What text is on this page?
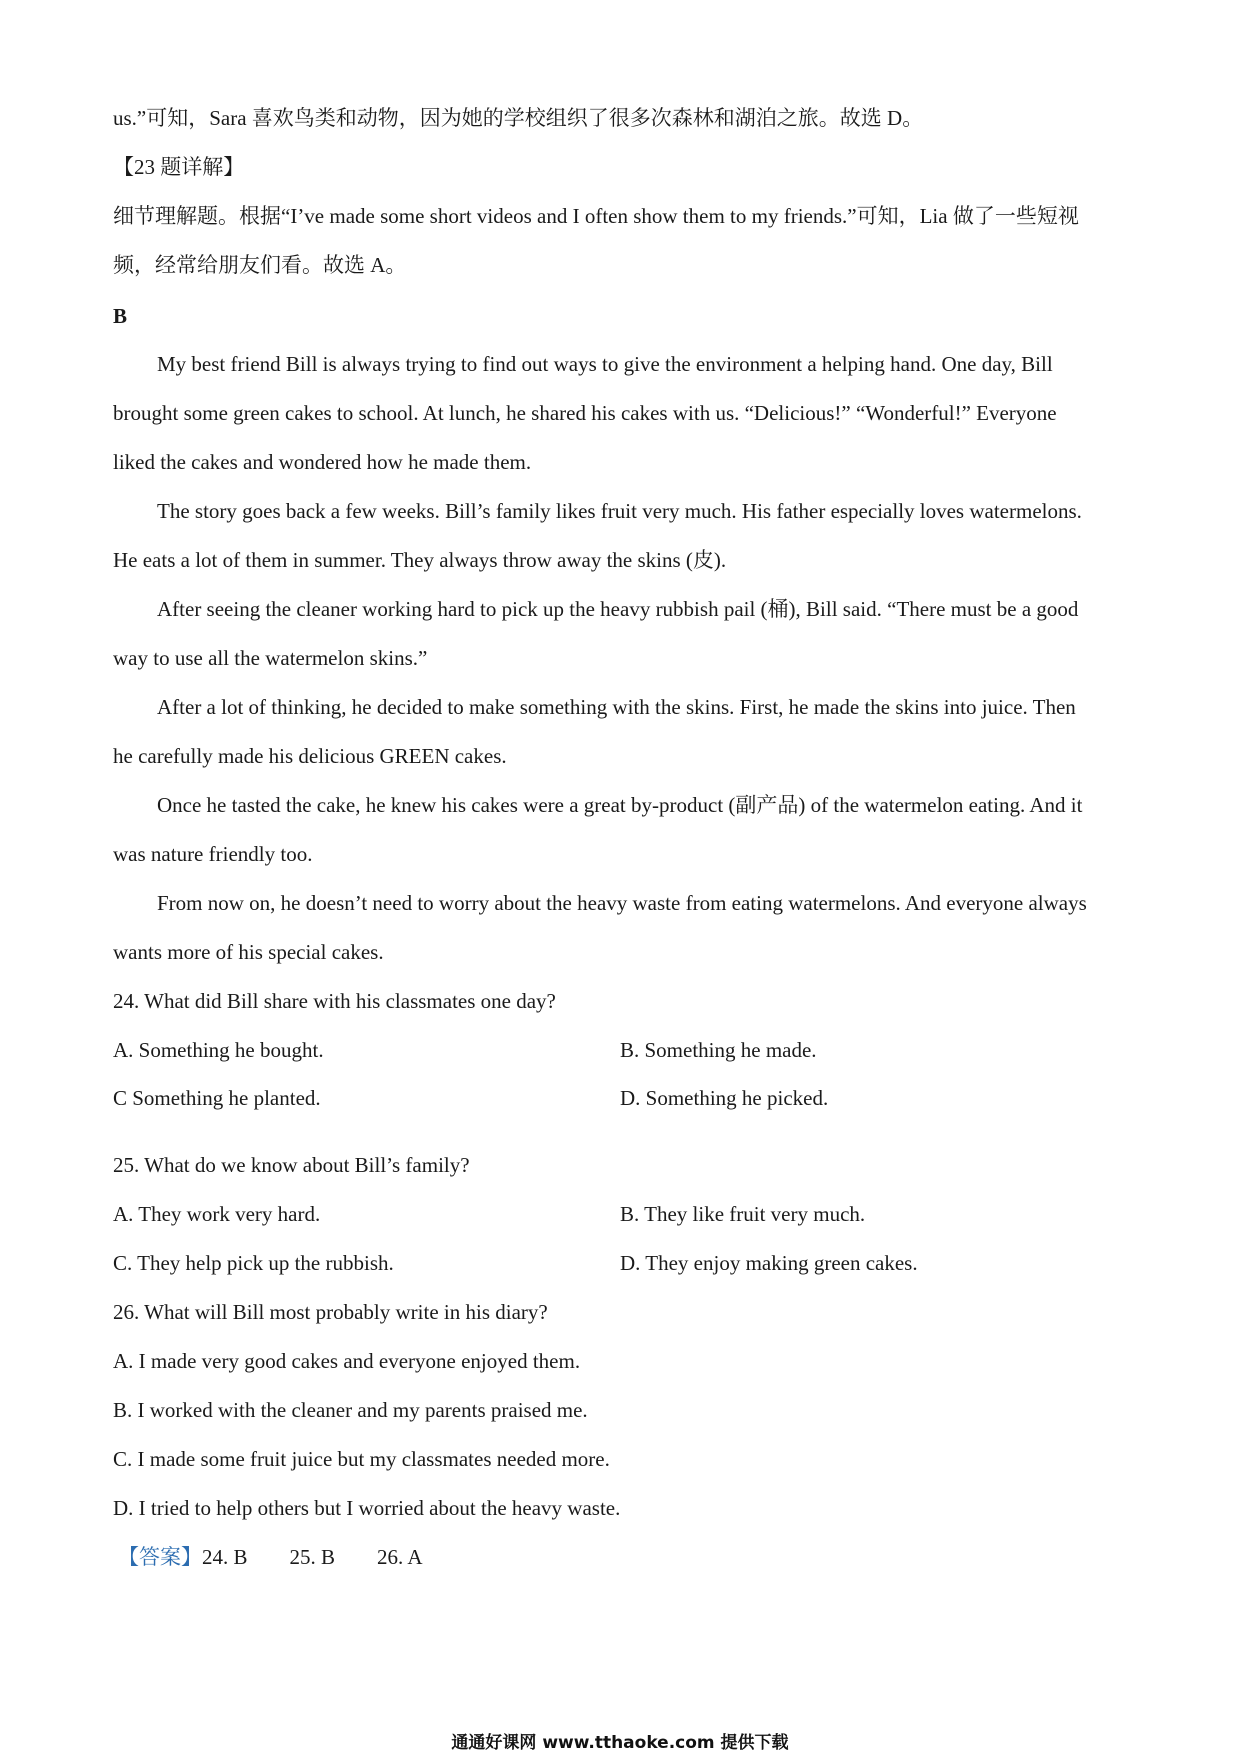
us.”可知，Sara 喜欢鸟类和动物，因为她的学校组织了很多次森林和湖泊之旅。故选 D。
【23 题详解】
细节理解题。根据“I’ve made some short videos and I often show them to my friends.”可知，Lia 做了一些短视
频，经常给朋友们看。故选 A。
B
My best friend Bill is always trying to find out ways to give the environment a helping hand. One day, Bill
brought some green cakes to school. At lunch, he shared his cakes with us. “Delicious!” “Wonderful!” Everyone
liked the cakes and wondered how he made them.
The story goes back a few weeks. Bill’s family likes fruit very much. His father especially loves watermelons.
He eats a lot of them in summer. They always throw away the skins (皮).
After seeing the cleaner working hard to pick up the heavy rubbish pail (桶), Bill said. “There must be a good
way to use all the watermelon skins.”
After a lot of thinking, he decided to make something with the skins. First, he made the skins into juice. Then
he carefully made his delicious GREEN cakes.
Once he tasted the cake, he knew his cakes were a great by-product (副产品) of the watermelon eating. And it
was nature friendly too.
From now on, he doesn’t need to worry about the heavy waste from eating watermelons. And everyone always
wants more of his special cakes.
24. What did Bill share with his classmates one day?
A. Something he bought.	B. Something he made.
C Something he planted.	D. Something he picked.
25. What do we know about Bill’s family?
A. They work very hard.	B. They like fruit very much.
C. They help pick up the rubbish.	D. They enjoy making green cakes.
26. What will Bill most probably write in his diary?
A. I made very good cakes and everyone enjoyed them.
B. I worked with the cleaner and my parents praised me.
C. I made some fruit juice but my classmates needed more.
D. I tried to help others but I worried about the heavy waste.
【答案】24. B        25. B        26. A
通通好课网 www.tthaoke.com 提供下载
